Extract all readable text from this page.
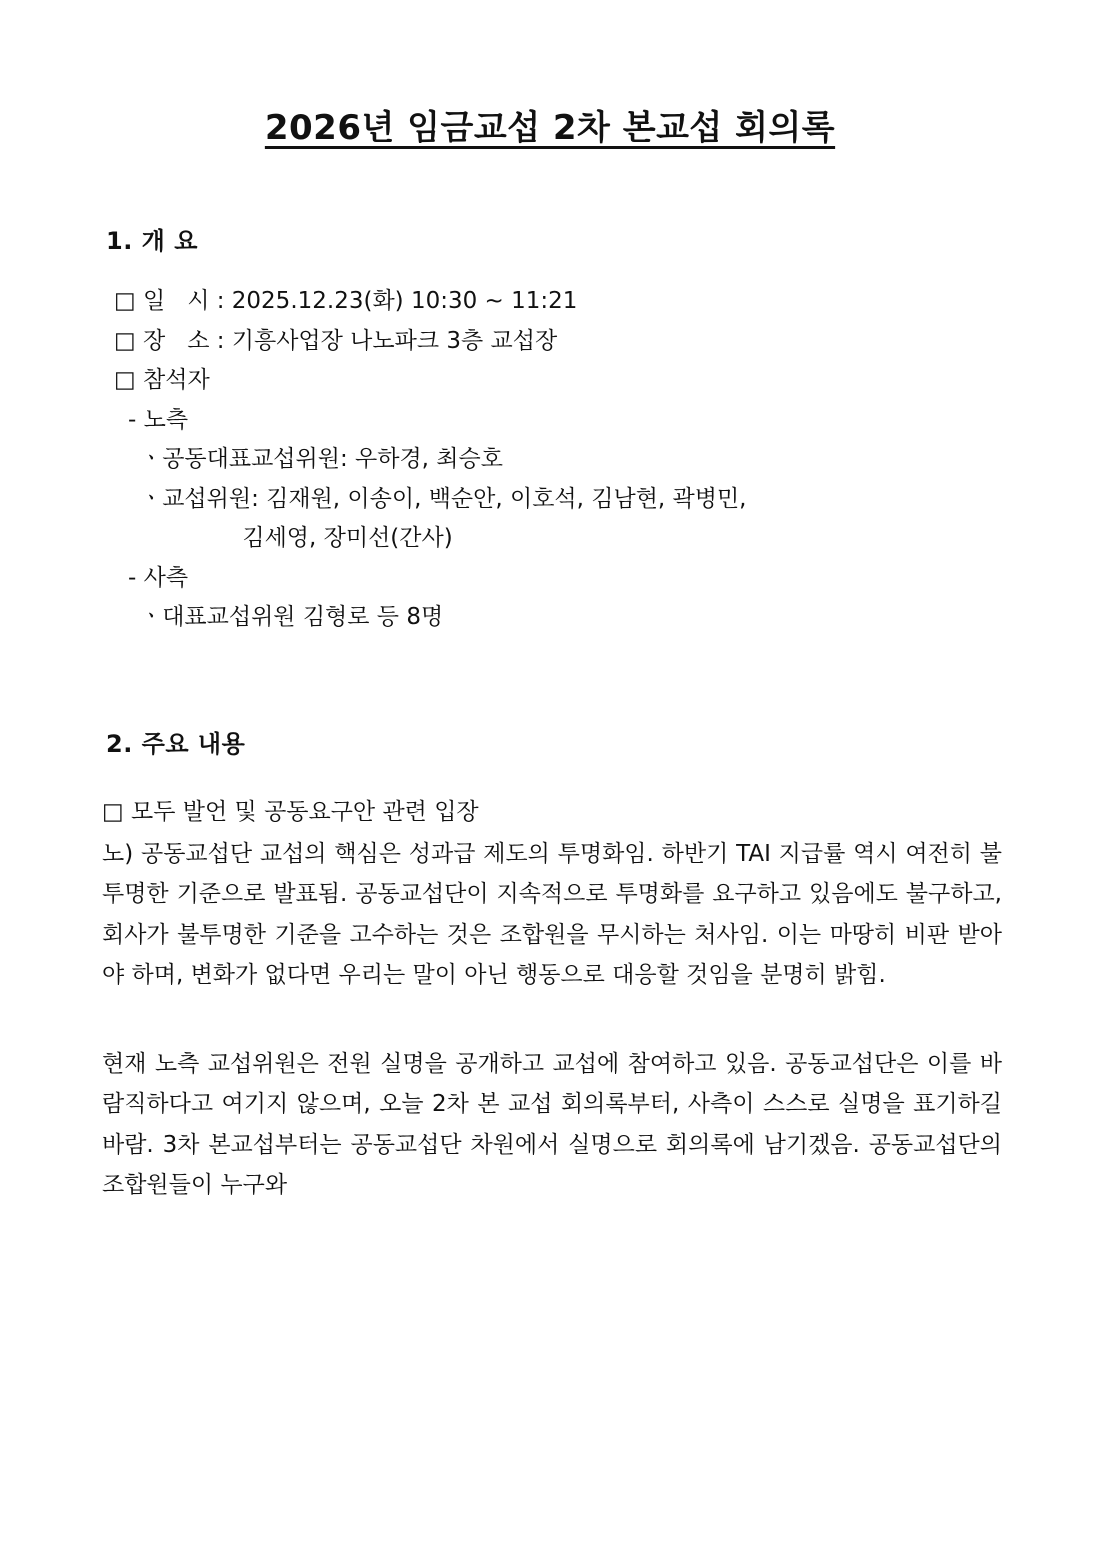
2026년 임금교섭 2차 본교섭 회의록
1. 개 요
□ 일   시 : 2025.12.23(화) 10:30 ~ 11:21
□ 장   소 : 기흥사업장 나노파크 3층 교섭장
□ 참석자
- 노측
ㆍ공동대표교섭위원: 우하경, 최승호
ㆍ교섭위원: 김재원, 이송이, 백순안, 이호석, 김남현, 곽병민,
김세영, 장미선(간사)
- 사측
ㆍ대표교섭위원 김형로 등 8명
2. 주요 내용
□ 모두 발언 및 공동요구안 관련 입장
노) 공동교섭단 교섭의 핵심은 성과급 제도의 투명화임. 하반기 TAI 지급률 역시 여전히 불투명한 기준으로 발표됨. 공동교섭단이 지속적으로 투명화를 요구하고 있음에도 불구하고, 회사가 불투명한 기준을 고수하는 것은 조합원을 무시하는 처사임. 이는 마땅히 비판 받아야 하며, 변화가 없다면 우리는 말이 아닌 행동으로 대응할 것임을 분명히 밝힘.
현재 노측 교섭위원은 전원 실명을 공개하고 교섭에 참여하고 있음. 공동교섭단은 이를 바람직하다고 여기지 않으며, 오늘 2차 본 교섭 회의록부터, 사측이 스스로 실명을 표기하길 바람. 3차 본교섭부터는 공동교섭단 차원에서 실명으로 회의록에 남기겠음. 공동교섭단의 조합원들이 누구와
